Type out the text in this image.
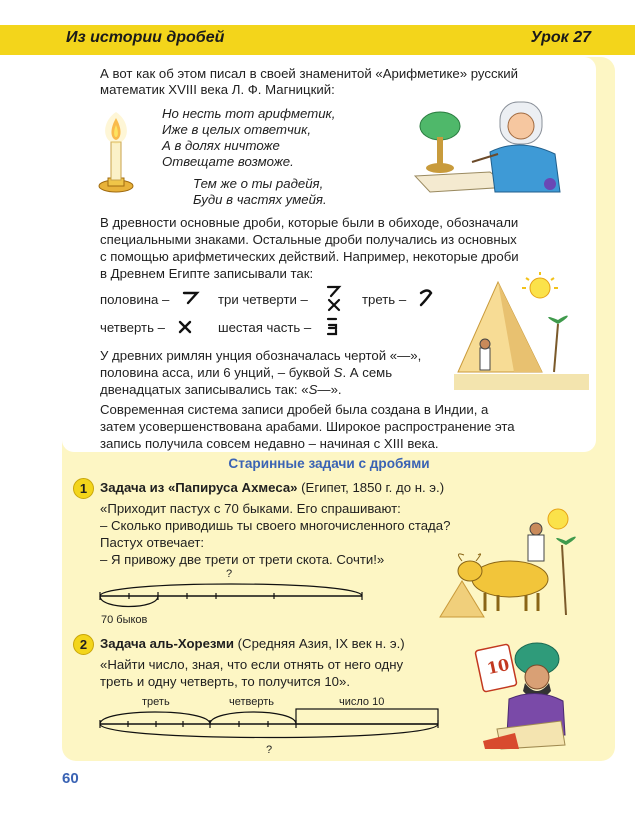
Из истории дробей	Урок 27
А вот как об этом писал в своей знаменитой «Арифметике» русский
математик XVIII века Л. Ф. Магницкий:
Но несть тот арифметик,
Иже в целых ответчик,
А в долях ничтоже
Отвещате возможе.
Тем же о ты радейя,
Буди в частях умейя.
В древности основные дроби, которые были в обиходе, обозначали
специальными знаками. Остальные дроби получались из основных
с помощью арифметических действий. Например, некоторые дроби
в Древнем Египте записывали так:
половина –	три четверти –	треть –
четверть –	шестая часть –
У древних римлян унция обозначалась чертой «—»,
половина асса, или 6 унций, – буквой S. А семь
двенадцатых записывались так: «S—».
Современная система записи дробей была создана в Индии, а
затем усовершенствована арабами. Широкое распространение эта
запись получила совсем недавно – начиная с XIII века.
Старинные задачи с дробями
1 Задача из «Папируса Ахмеса» (Египет, 1850 г. до н. э.)
«Приходит пастух с 70 быками. Его спрашивают:
– Сколько приводишь ты своего многочисленного стада?
Пастух отвечает:
– Я привожу две трети от трети скота. Сочти!»
?
70 быков
2 Задача аль-Хорезми (Средняя Азия, IX век н. э.)
«Найти число, зная, что если отнять от него одну
треть и одну четверть, то получится 10».
треть	четверть	число 10
?
10
60
